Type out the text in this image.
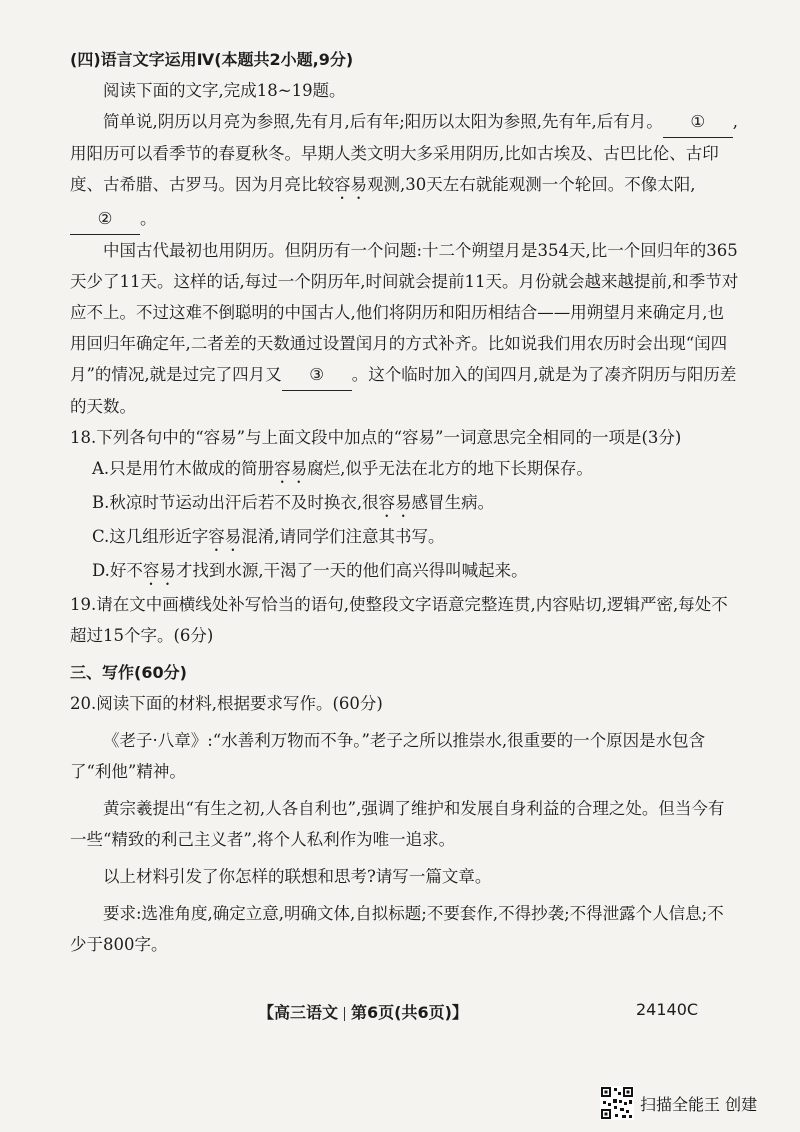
(四)语言文字运用Ⅳ(本题共2小题,9分)

阅读下面的文字,完成18~19题。

简单说,阴历以月亮为参照,先有月,后有年;阳历以太阳为参照,先有年,后有月。 ① ,用阳历可以看季节的春夏秋冬。早期人类文明大多采用阴历,比如古埃及、古巴比伦、古印度、古希腊、古罗马。因为月亮比较容易观测,30天左右就能观测一个轮回。不像太阳,② 。

中国古代最初也用阴历。但阴历有一个问题:十二个朔望月是354天,比一个回归年的365天少了11天。这样的话,每过一个阴历年,时间就会提前11天。月份就会越来越提前,和季节对应不上。不过这难不倒聪明的中国古人,他们将阴历和阳历相结合——用朔望月来确定月,也用回归年确定年,二者差的天数通过设置闰月的方式补齐。比如说我们用农历时会出现“闰四月”的情况,就是过完了四月又 ③ 。这个临时加入的闰四月,就是为了凑齐阴历与阳历差的天数。

18.下列各句中的“容易”与上面文段中加点的“容易”一词意思完全相同的一项是(3分)

A.只是用竹木做成的简册容易腐烂,似乎无法在北方的地下长期保存。

B.秋凉时节运动出汗后若不及时换衣,很容易感冒生病。

C.这几组形近字容易混淆,请同学们注意其书写。

D.好不容易才找到水源,干渴了一天的他们高兴得叫喊起来。

19.请在文中画横线处补写恰当的语句,使整段文字语意完整连贯,内容贴切,逻辑严密,每处不超过15个字。(6分)

三、写作(60分)

20.阅读下面的材料,根据要求写作。(60分)

《老子·八章》:“水善利万物而不争。”老子之所以推崇水,很重要的一个原因是水包含了“利他”精神。

黄宗羲提出“有生之初,人各自利也”,强调了维护和发展自身利益的合理之处。但当今有一些“精致的利己主义者”,将个人私利作为唯一追求。

以上材料引发了你怎样的联想和思考?请写一篇文章。

要求:选准角度,确定立意,明确文体,自拟标题;不要套作,不得抄袭;不得泄露个人信息;不少于800字。

【高三语文 第6页(共6页)】	24140C
扫描全能王 创建
